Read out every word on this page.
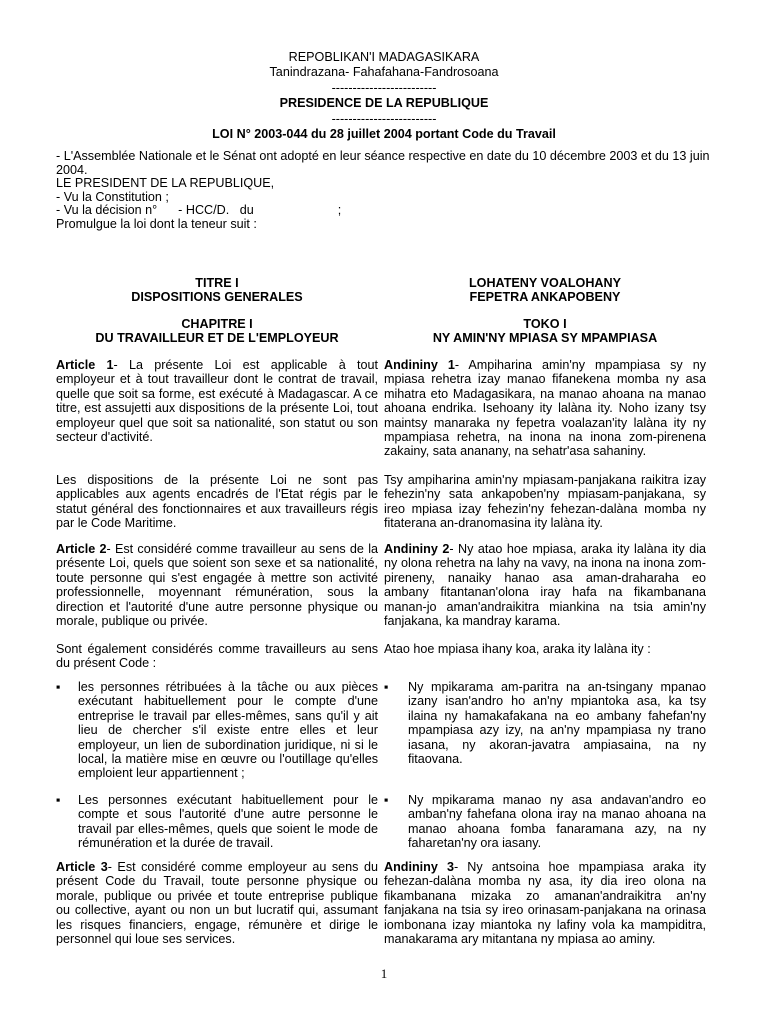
REPOBLIKAN'I MADAGASIKARA
Tanindrazana- Fahafahana-Fandrosoana
-------------------------
PRESIDENCE DE LA REPUBLIQUE
-------------------------
LOI N° 2003-044 du 28 juillet 2004 portant Code du Travail
- L'Assemblée Nationale et le Sénat ont adopté en leur séance respective en date du 10 décembre 2003 et du 13 juin 2004.
LE PRESIDENT DE LA REPUBLIQUE,
- Vu la Constitution ;
- Vu la décision n°      - HCC/D.   du                        ;
Promulgue la loi dont la teneur suit :
TITRE I
DISPOSITIONS GENERALES
CHAPITRE I
DU TRAVAILLEUR ET DE L'EMPLOYEUR
Article 1- La présente Loi est applicable à tout employeur et à tout travailleur dont le contrat de travail, quelle que soit sa forme, est exécuté à Madagascar. A ce titre, est assujetti aux dispositions de la présente Loi, tout employeur quel que soit sa nationalité, son statut ou son secteur d'activité.
Les dispositions de la présente Loi ne sont pas applicables aux agents encadrés de l'Etat régis par le statut général des fonctionnaires et aux travailleurs régis par le Code Maritime.
Article 2- Est considéré comme travailleur au sens de la présente Loi, quels que soient son sexe et sa nationalité, toute personne qui s'est engagée à mettre son activité professionnelle, moyennant rémunération, sous la direction et l'autorité d'une autre personne physique ou morale, publique ou privée.
Sont également considérés comme travailleurs au sens du présent Code :
▪ les personnes rétribuées à la tâche ou aux pièces exécutant habituellement pour le compte d'une entreprise le travail par elles-mêmes, sans qu'il y ait lieu de chercher s'il existe entre elles et leur employeur, un lien de subordination juridique, ni si le local, la matière mise en œuvre ou l'outillage qu'elles emploient leur appartiennent ;
▪ Les personnes exécutant habituellement pour le compte et sous l'autorité d'une autre personne le travail par elles-mêmes, quels que soient le mode de rémunération et la durée de travail.
Article 3- Est considéré comme employeur au sens du présent Code du Travail, toute personne physique ou morale, publique ou privée et toute entreprise publique ou collective, ayant ou non un but lucratif qui, assumant les risques financiers, engage, rémunère et dirige le personnel qui loue ses services.
LOHATENY VOALOHANY
FEPETRA ANKAPOBENY
TOKO I
NY AMIN'NY MPIASA SY MPAMPIASA
Andininy 1- Ampiharina amin'ny mpampiasa sy ny mpiasa rehetra izay manao fifanekena momba ny asa mihatra eto Madagasikara, na manao ahoana na manao ahoana endrika. Isehoany ity lalàna ity. Noho izany tsy maintsy manaraka ny fepetra voalazan'ity lalàna ity ny mpampiasa rehetra, na inona na inona zom-pirenena zakainy, sata ananany, na sehatr'asa sahaniny.
Tsy ampiharina amin'ny mpiasam-panjakana raikitra izay fehezin'ny sata ankapoben'ny mpiasam-panjakana, sy ireo mpiasa izay fehezin'ny fehezan-dalàna momba ny fitaterana an-dranomasina ity lalàna ity.
Andininy 2- Ny atao hoe mpiasa, araka ity lalàna ity dia ny olona rehetra na lahy na vavy, na inona na inona zom-pireneny, nanaiky hanao asa aman-draharaha eo ambany fitantanan'olona iray hafa na fikambanana manan-jo aman'andraikitra miankina na tsia amin'ny fanjakana, ka mandray karama.
Atao hoe mpiasa ihany koa, araka ity lalàna ity :
▪ Ny mpikarama am-paritra na an-tsingany mpanao izany isan'andro ho an'ny mpiantoka asa, ka tsy ilaina ny hamakafakana na eo ambany fahefan'ny mpampiasa azy izy, na an'ny mpampiasa ny trano iasana, ny akoran-javatra ampiasaina, na ny fitaovana.
▪ Ny mpikarama manao ny asa andavan'andro eo amban'ny fahefana olona iray na manao ahoana na manao ahoana fomba fanaramana azy, na ny faharetan'ny ora iasany.
Andininy 3- Ny antsoina hoe mpampiasa araka ity fehezan-dalàna momba ny asa, ity dia ireo olona na fikambanana mizaka zo amanan'andraikitra an'ny fanjakana na tsia sy ireo orinasam-panjakana na orinasa iombonana izay miantoka ny lafiny vola ka mampiditra, manakarama ary mitantana ny mpiasa ao aminy.
1
